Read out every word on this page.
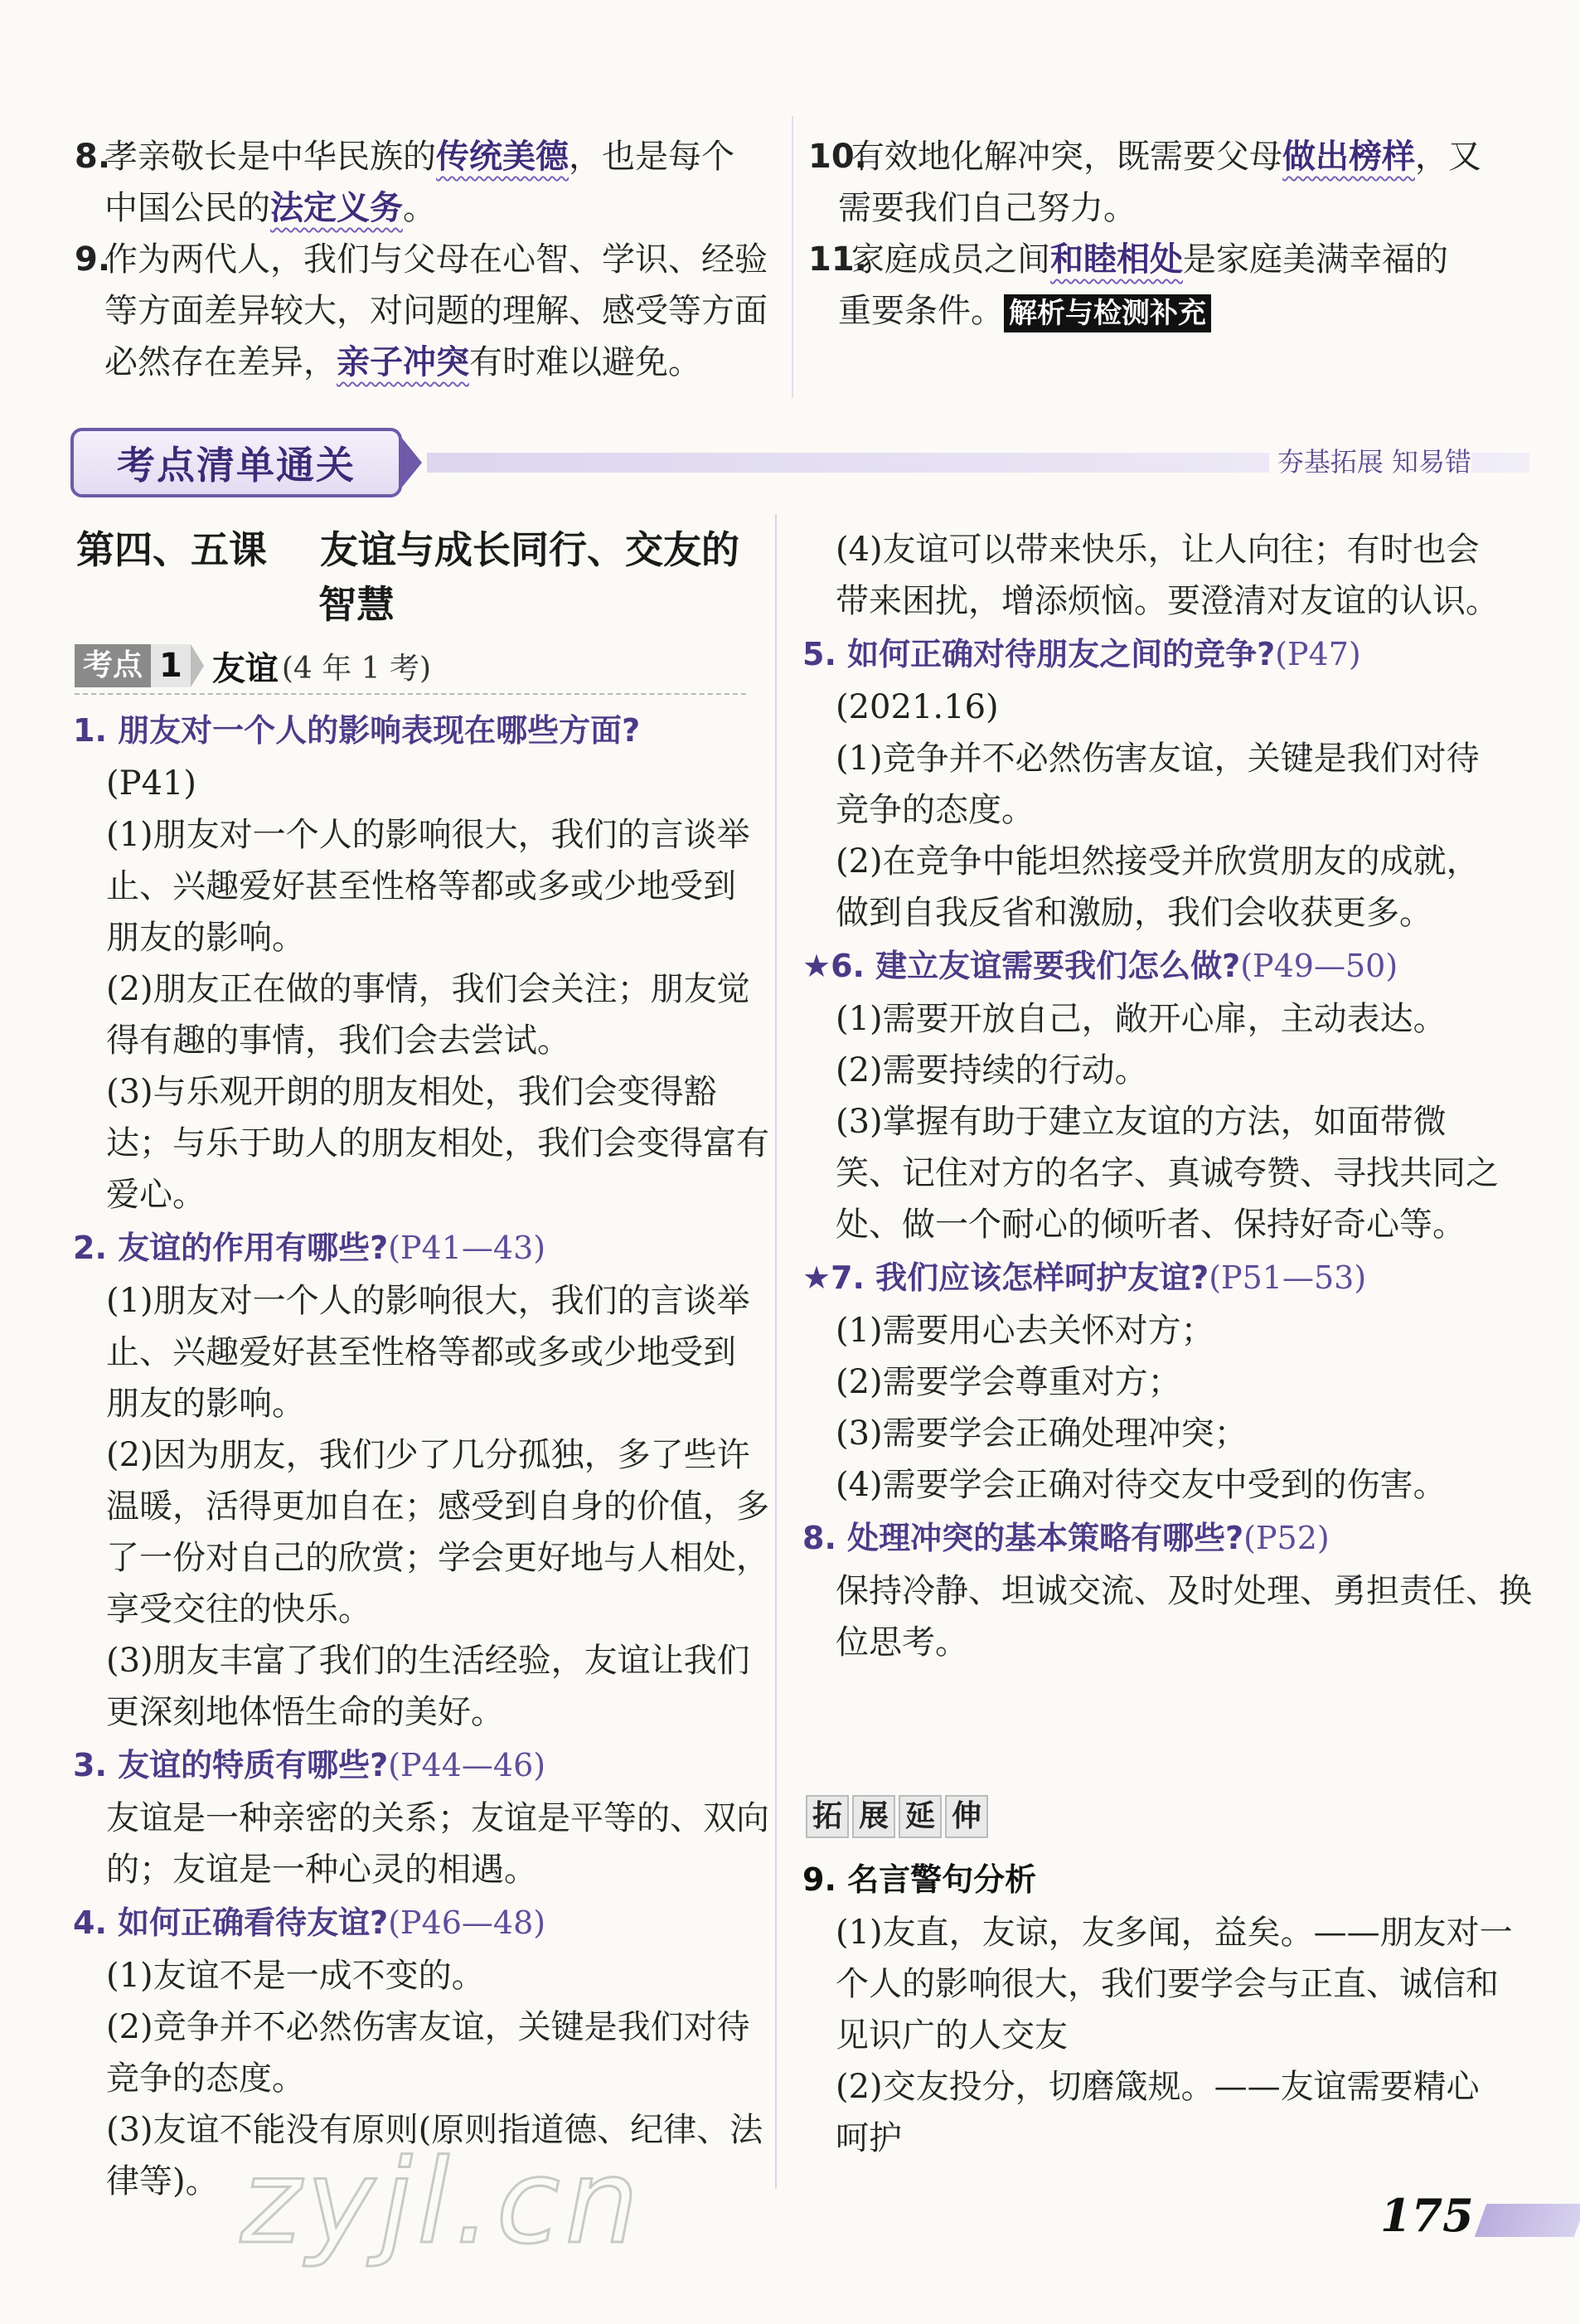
8.孝亲敬长是中华民族的传统美德，也是每个
中国公民的法定义务。
9.作为两代人，我们与父母在心智、学识、经验
等方面差异较大，对问题的理解、感受等方面
必然存在差异，亲子冲突有时难以避免。
10.有效地化解冲突，既需要父母做出榜样，又
需要我们自己努力。
11.家庭成员之间和睦相处是家庭美满幸福的
重要条件。 解析与检测补充
考点清单通关	夯基拓展 知易错
第四、五课    友谊与成长同行、交友的
智慧
考点 1 友谊 (4 年 1 考)
1. 朋友对一个人的影响表现在哪些方面?
(P41)
(1)朋友对一个人的影响很大，我们的言谈举
止、兴趣爱好甚至性格等都或多或少地受到
朋友的影响。
(2)朋友正在做的事情，我们会关注；朋友觉
得有趣的事情，我们会去尝试。
(3)与乐观开朗的朋友相处，我们会变得豁
达；与乐于助人的朋友相处，我们会变得富有
爱心。
2. 友谊的作用有哪些?(P41—43)
(1)朋友对一个人的影响很大，我们的言谈举
止、兴趣爱好甚至性格等都或多或少地受到
朋友的影响。
(2)因为朋友，我们少了几分孤独，多了些许
温暖，活得更加自在；感受到自身的价值，多
了一份对自己的欣赏；学会更好地与人相处，
享受交往的快乐。
(3)朋友丰富了我们的生活经验，友谊让我们
更深刻地体悟生命的美好。
3. 友谊的特质有哪些?(P44—46)
友谊是一种亲密的关系；友谊是平等的、双向
的；友谊是一种心灵的相遇。
4. 如何正确看待友谊?(P46—48)
(1)友谊不是一成不变的。
(2)竞争并不必然伤害友谊，关键是我们对待
竞争的态度。
(3)友谊不能没有原则(原则指道德、纪律、法
律等)。
(4)友谊可以带来快乐，让人向往；有时也会
带来困扰，增添烦恼。要澄清对友谊的认识。
5. 如何正确对待朋友之间的竞争?(P47)
(2021.16)
(1)竞争并不必然伤害友谊，关键是我们对待
竞争的态度。
(2)在竞争中能坦然接受并欣赏朋友的成就，
做到自我反省和激励，我们会收获更多。
★6. 建立友谊需要我们怎么做?(P49—50)
(1)需要开放自己，敞开心扉，主动表达。
(2)需要持续的行动。
(3)掌握有助于建立友谊的方法，如面带微
笑、记住对方的名字、真诚夸赞、寻找共同之
处、做一个耐心的倾听者、保持好奇心等。
★7. 我们应该怎样呵护友谊?(P51—53)
(1)需要用心去关怀对方；
(2)需要学会尊重对方；
(3)需要学会正确处理冲突；
(4)需要学会正确对待交友中受到的伤害。
8. 处理冲突的基本策略有哪些?(P52)
保持冷静、坦诚交流、及时处理、勇担责任、换
位思考。
拓 展 延 伸
9. 名言警句分析
(1)友直，友谅，友多闻，益矣。——朋友对一
个人的影响很大，我们要学会与正直、诚信和
见识广的人交友
(2)交友投分，切磨箴规。——友谊需要精心
呵护
zyjl.cn	175
